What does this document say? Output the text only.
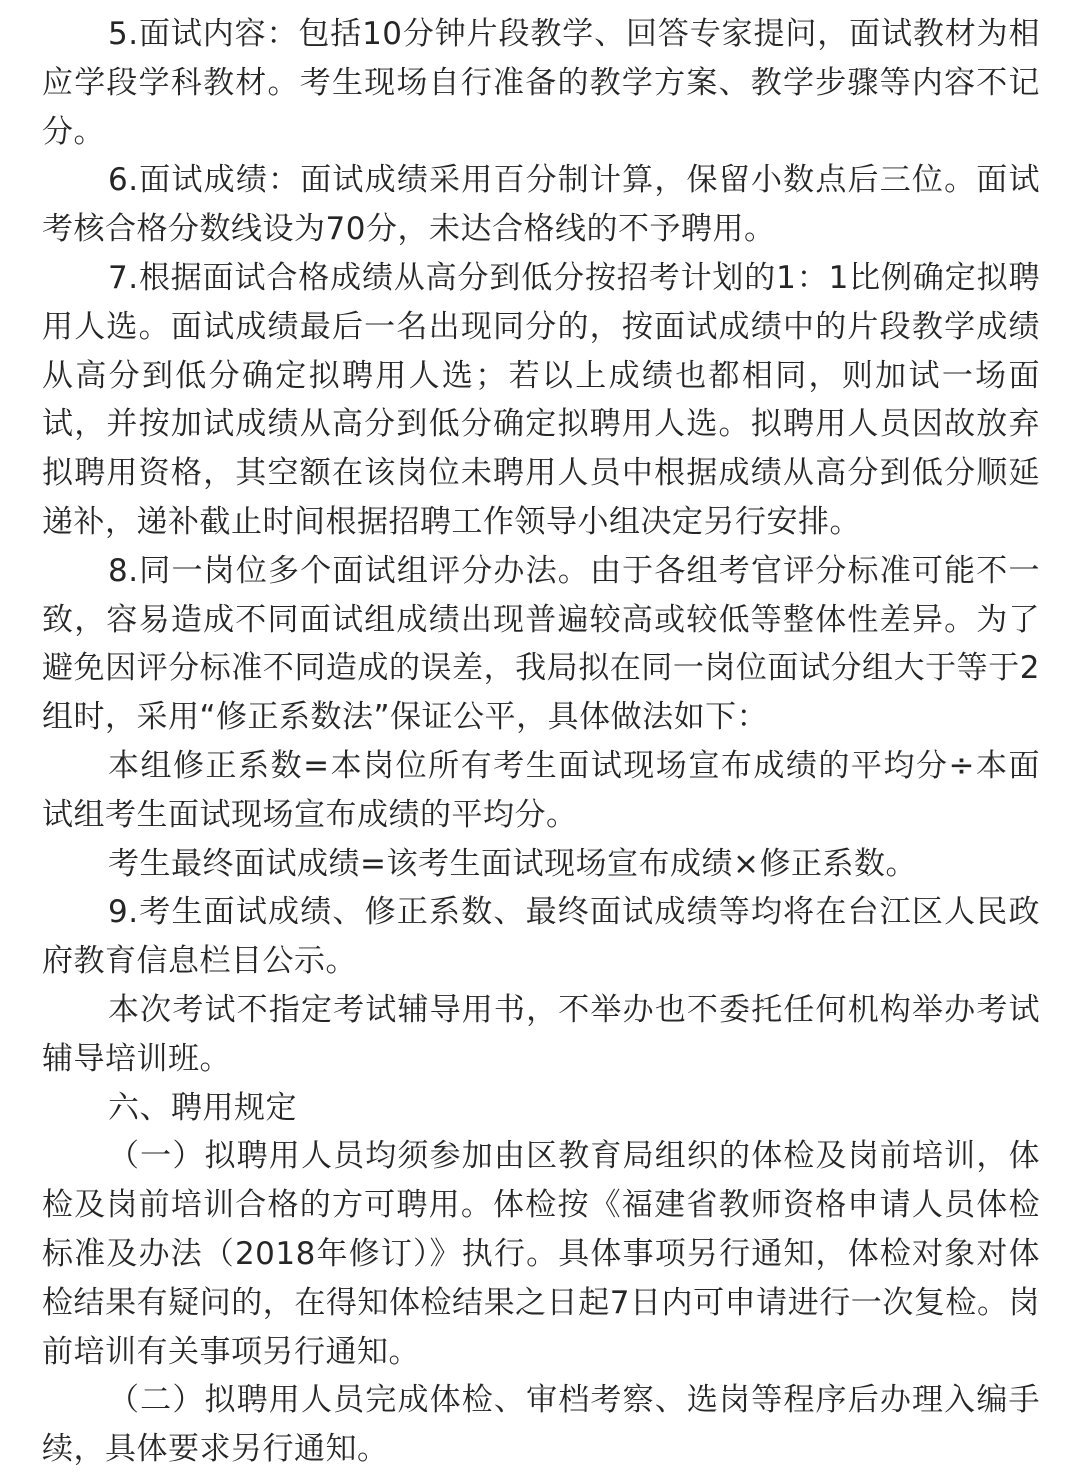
5.面试内容：包括10分钟片段教学、回答专家提问，面试教材为相应学段学科教材。考生现场自行准备的教学方案、教学步骤等内容不记分。

6.面试成绩：面试成绩采用百分制计算，保留小数点后三位。面试考核合格分数线设为70分，未达合格线的不予聘用。

7.根据面试合格成绩从高分到低分按招考计划的1：1比例确定拟聘用人选。面试成绩最后一名出现同分的，按面试成绩中的片段教学成绩从高分到低分确定拟聘用人选；若以上成绩也都相同，则加试一场面试，并按加试成绩从高分到低分确定拟聘用人选。拟聘用人员因故放弃拟聘用资格，其空额在该岗位未聘用人员中根据成绩从高分到低分顺延递补，递补截止时间根据招聘工作领导小组决定另行安排。

8.同一岗位多个面试组评分办法。由于各组考官评分标准可能不一致，容易造成不同面试组成绩出现普遍较高或较低等整体性差异。为了避免因评分标准不同造成的误差，我局拟在同一岗位面试分组大于等于2组时，采用“修正系数法”保证公平，具体做法如下：

本组修正系数=本岗位所有考生面试现场宣布成绩的平均分÷本面试组考生面试现场宣布成绩的平均分。

考生最终面试成绩=该考生面试现场宣布成绩×修正系数。

9.考生面试成绩、修正系数、最终面试成绩等均将在台江区人民政府教育信息栏目公示。

本次考试不指定考试辅导用书，不举办也不委托任何机构举办考试辅导培训班。

六、聘用规定

（一）拟聘用人员均须参加由区教育局组织的体检及岗前培训，体检及岗前培训合格的方可聘用。体检按《福建省教师资格申请人员体检标准及办法（2018年修订）》执行。具体事项另行通知，体检对象对体检结果有疑问的，在得知体检结果之日起7日内可申请进行一次复检。岗前培训有关事项另行通知。

（二）拟聘用人员完成体检、审档考察、选岗等程序后办理入编手续，具体要求另行通知。
